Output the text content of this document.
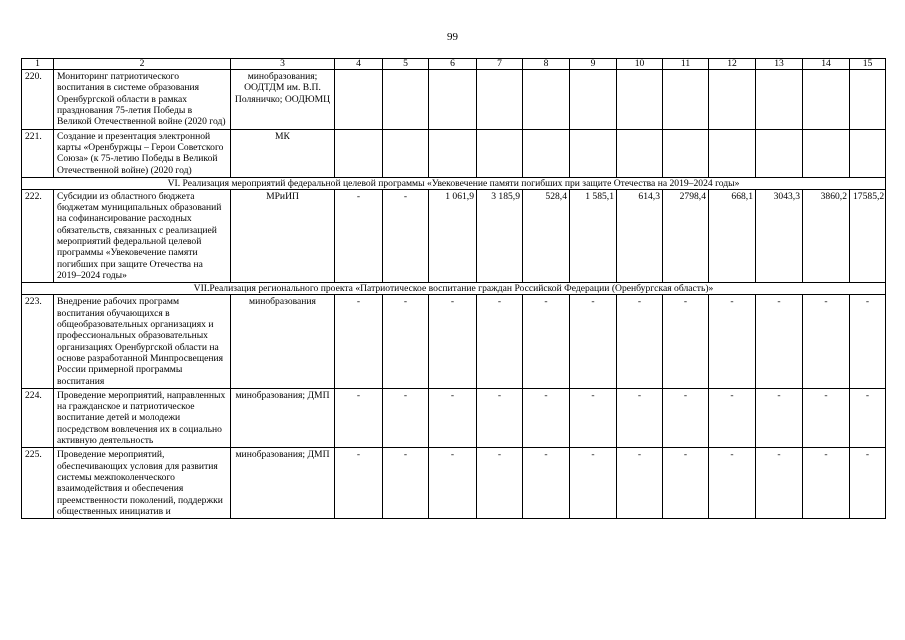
99
1	2	3	4	5	6	7	8	9	10	11	12	13	14	15
220.	Мониторинг патриотического воспитания в системе образования Оренбургской области в рамках празднования 75-летия Победы в Великой Отечественной войне (2020 год)	минобразования; ООДТДМ им. В.П. Поляничко; ООДЮМЦ												
221.	Создание и презентация электронной карты «Оренбуржцы – Герои Советского Союза» (к 75-летию Победы в Великой Отечественной войне) (2020 год)	МК												
VI. Реализация мероприятий федеральной целевой программы «Увековечение памяти погибших при защите Отечества на 2019–2024 годы»														
222.	Субсидии из областного бюджета бюджетам муниципальных образований на софинансирование расходных обязательств, связанных с реализацией мероприятий федеральной целевой программы «Увековечение памяти погибших при защите Отечества на 2019–2024 годы»	МРиИП	-	-	1 061,9	3 185,9	528,4	1 585,1	614,3	2798,4	668,1	3043,3	3860,2	17585,2
VII.Реализация регионального проекта «Патриотическое воспитание граждан Российской Федерации (Оренбургская область)»														
223.	Внедрение рабочих программ воспитания обучающихся в общеобразовательных организациях и профессиональных образовательных организациях Оренбургской области на основе разработанной Минпросвещения России примерной программы воспитания	минобразования	-	-	-	-	-	-	-	-	-	-	-	-
224.	Проведение мероприятий, направленных на гражданское и патриотическое воспитание детей и молодежи посредством вовлечения их в социально активную деятельность	минобразования; ДМП	-	-	-	-	-	-	-	-	-	-	-	-
225.	Проведение мероприятий, обеспечивающих условия для развития системы межпоколенческого взаимодействия и обеспечения преемственности поколений, поддержки общественных инициатив и	минобразования; ДМП	-	-	-	-	-	-	-	-	-	-	-	-
